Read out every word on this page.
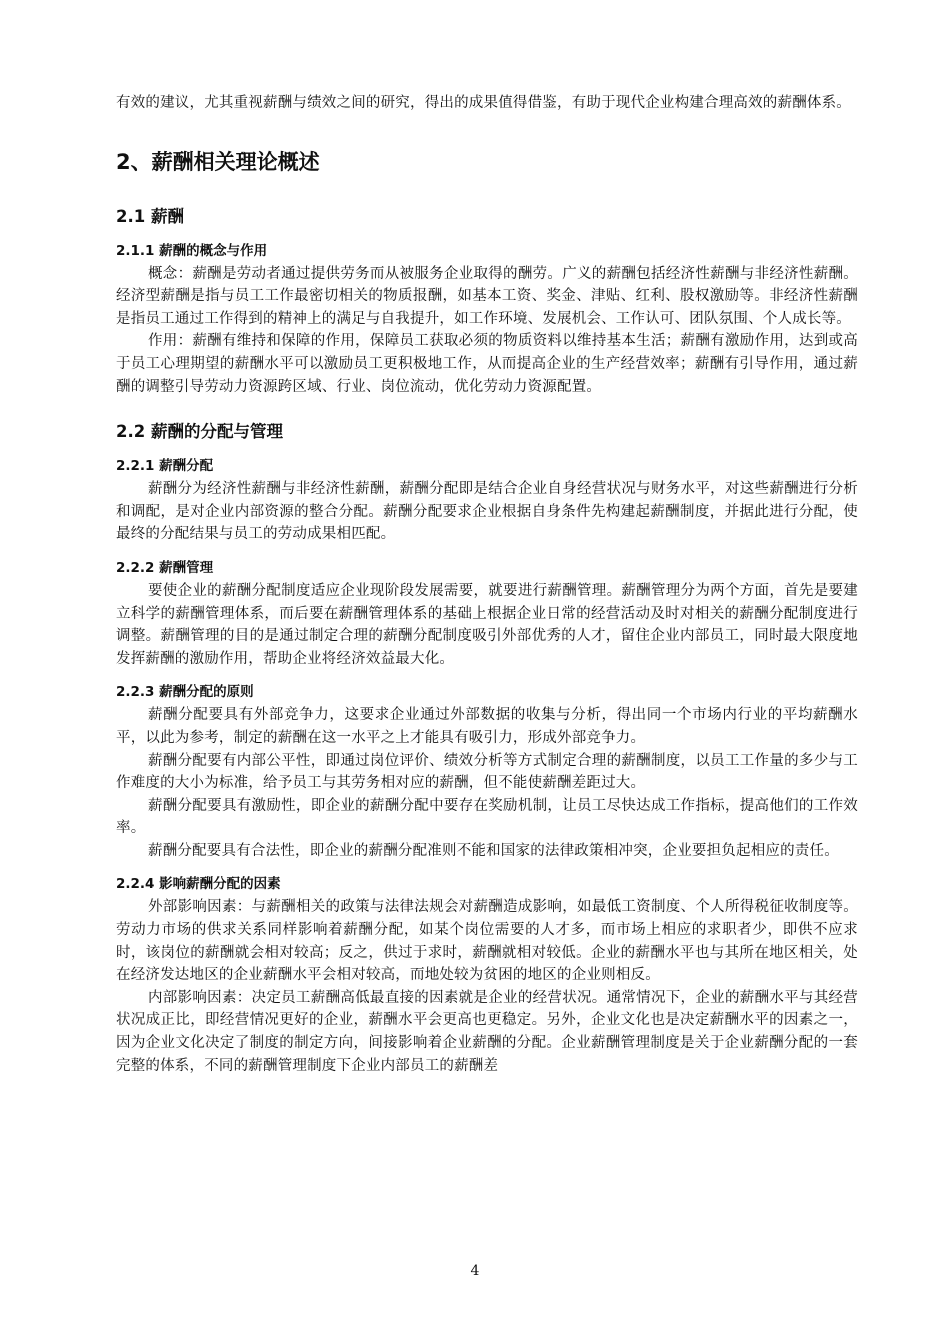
有效的建议，尤其重视薪酬与绩效之间的研究，得出的成果值得借鉴，有助于现代企业构建合理高效的薪酬体系。

2、薪酬相关理论概述
2.1 薪酬
2.1.1 薪酬的概念与作用

概念：薪酬是劳动者通过提供劳务而从被服务企业取得的酬劳。广义的薪酬包括经济性薪酬与非经济性薪酬。经济型薪酬是指与员工工作最密切相关的物质报酬，如基本工资、奖金、津贴、红利、股权激励等。非经济性薪酬是指员工通过工作得到的精神上的满足与自我提升，如工作环境、发展机会、工作认可、团队氛围、个人成长等。

作用：薪酬有维持和保障的作用，保障员工获取必须的物质资料以维持基本生活；薪酬有激励作用，达到或高于员工心理期望的薪酬水平可以激励员工更积极地工作，从而提高企业的生产经营效率；薪酬有引导作用，通过薪酬的调整引导劳动力资源跨区域、行业、岗位流动，优化劳动力资源配置。

2.2 薪酬的分配与管理
2.2.1 薪酬分配

薪酬分为经济性薪酬与非经济性薪酬，薪酬分配即是结合企业自身经营状况与财务水平，对这些薪酬进行分析和调配，是对企业内部资源的整合分配。薪酬分配要求企业根据自身条件先构建起薪酬制度，并据此进行分配，使最终的分配结果与员工的劳动成果相匹配。

2.2.2 薪酬管理

要使企业的薪酬分配制度适应企业现阶段发展需要，就要进行薪酬管理。薪酬管理分为两个方面，首先是要建立科学的薪酬管理体系，而后要在薪酬管理体系的基础上根据企业日常的经营活动及时对相关的薪酬分配制度进行调整。薪酬管理的目的是通过制定合理的薪酬分配制度吸引外部优秀的人才，留住企业内部员工，同时最大限度地发挥薪酬的激励作用，帮助企业将经济效益最大化。

2.2.3 薪酬分配的原则

薪酬分配要具有外部竞争力，这要求企业通过外部数据的收集与分析，得出同一个市场内行业的平均薪酬水平，以此为参考，制定的薪酬在这一水平之上才能具有吸引力，形成外部竞争力。

薪酬分配要有内部公平性，即通过岗位评价、绩效分析等方式制定合理的薪酬制度，以员工工作量的多少与工作难度的大小为标准，给予员工与其劳务相对应的薪酬，但不能使薪酬差距过大。

薪酬分配要具有激励性，即企业的薪酬分配中要存在奖励机制，让员工尽快达成工作指标，提高他们的工作效率。

薪酬分配要具有合法性，即企业的薪酬分配准则不能和国家的法律政策相冲突，企业要担负起相应的责任。

2.2.4 影响薪酬分配的因素

外部影响因素：与薪酬相关的政策与法律法规会对薪酬造成影响，如最低工资制度、个人所得税征收制度等。劳动力市场的供求关系同样影响着薪酬分配，如某个岗位需要的人才多，而市场上相应的求职者少，即供不应求时，该岗位的薪酬就会相对较高；反之，供过于求时，薪酬就相对较低。企业的薪酬水平也与其所在地区相关，处在经济发达地区的企业薪酬水平会相对较高，而地处较为贫困的地区的企业则相反。

内部影响因素：决定员工薪酬高低最直接的因素就是企业的经营状况。通常情况下，企业的薪酬水平与其经营状况成正比，即经营情况更好的企业，薪酬水平会更高也更稳定。另外，企业文化也是决定薪酬水平的因素之一，因为企业文化决定了制度的制定方向，间接影响着企业薪酬的分配。企业薪酬管理制度是关于企业薪酬分配的一套完整的体系，不同的薪酬管理制度下企业内部员工的薪酬差

4
